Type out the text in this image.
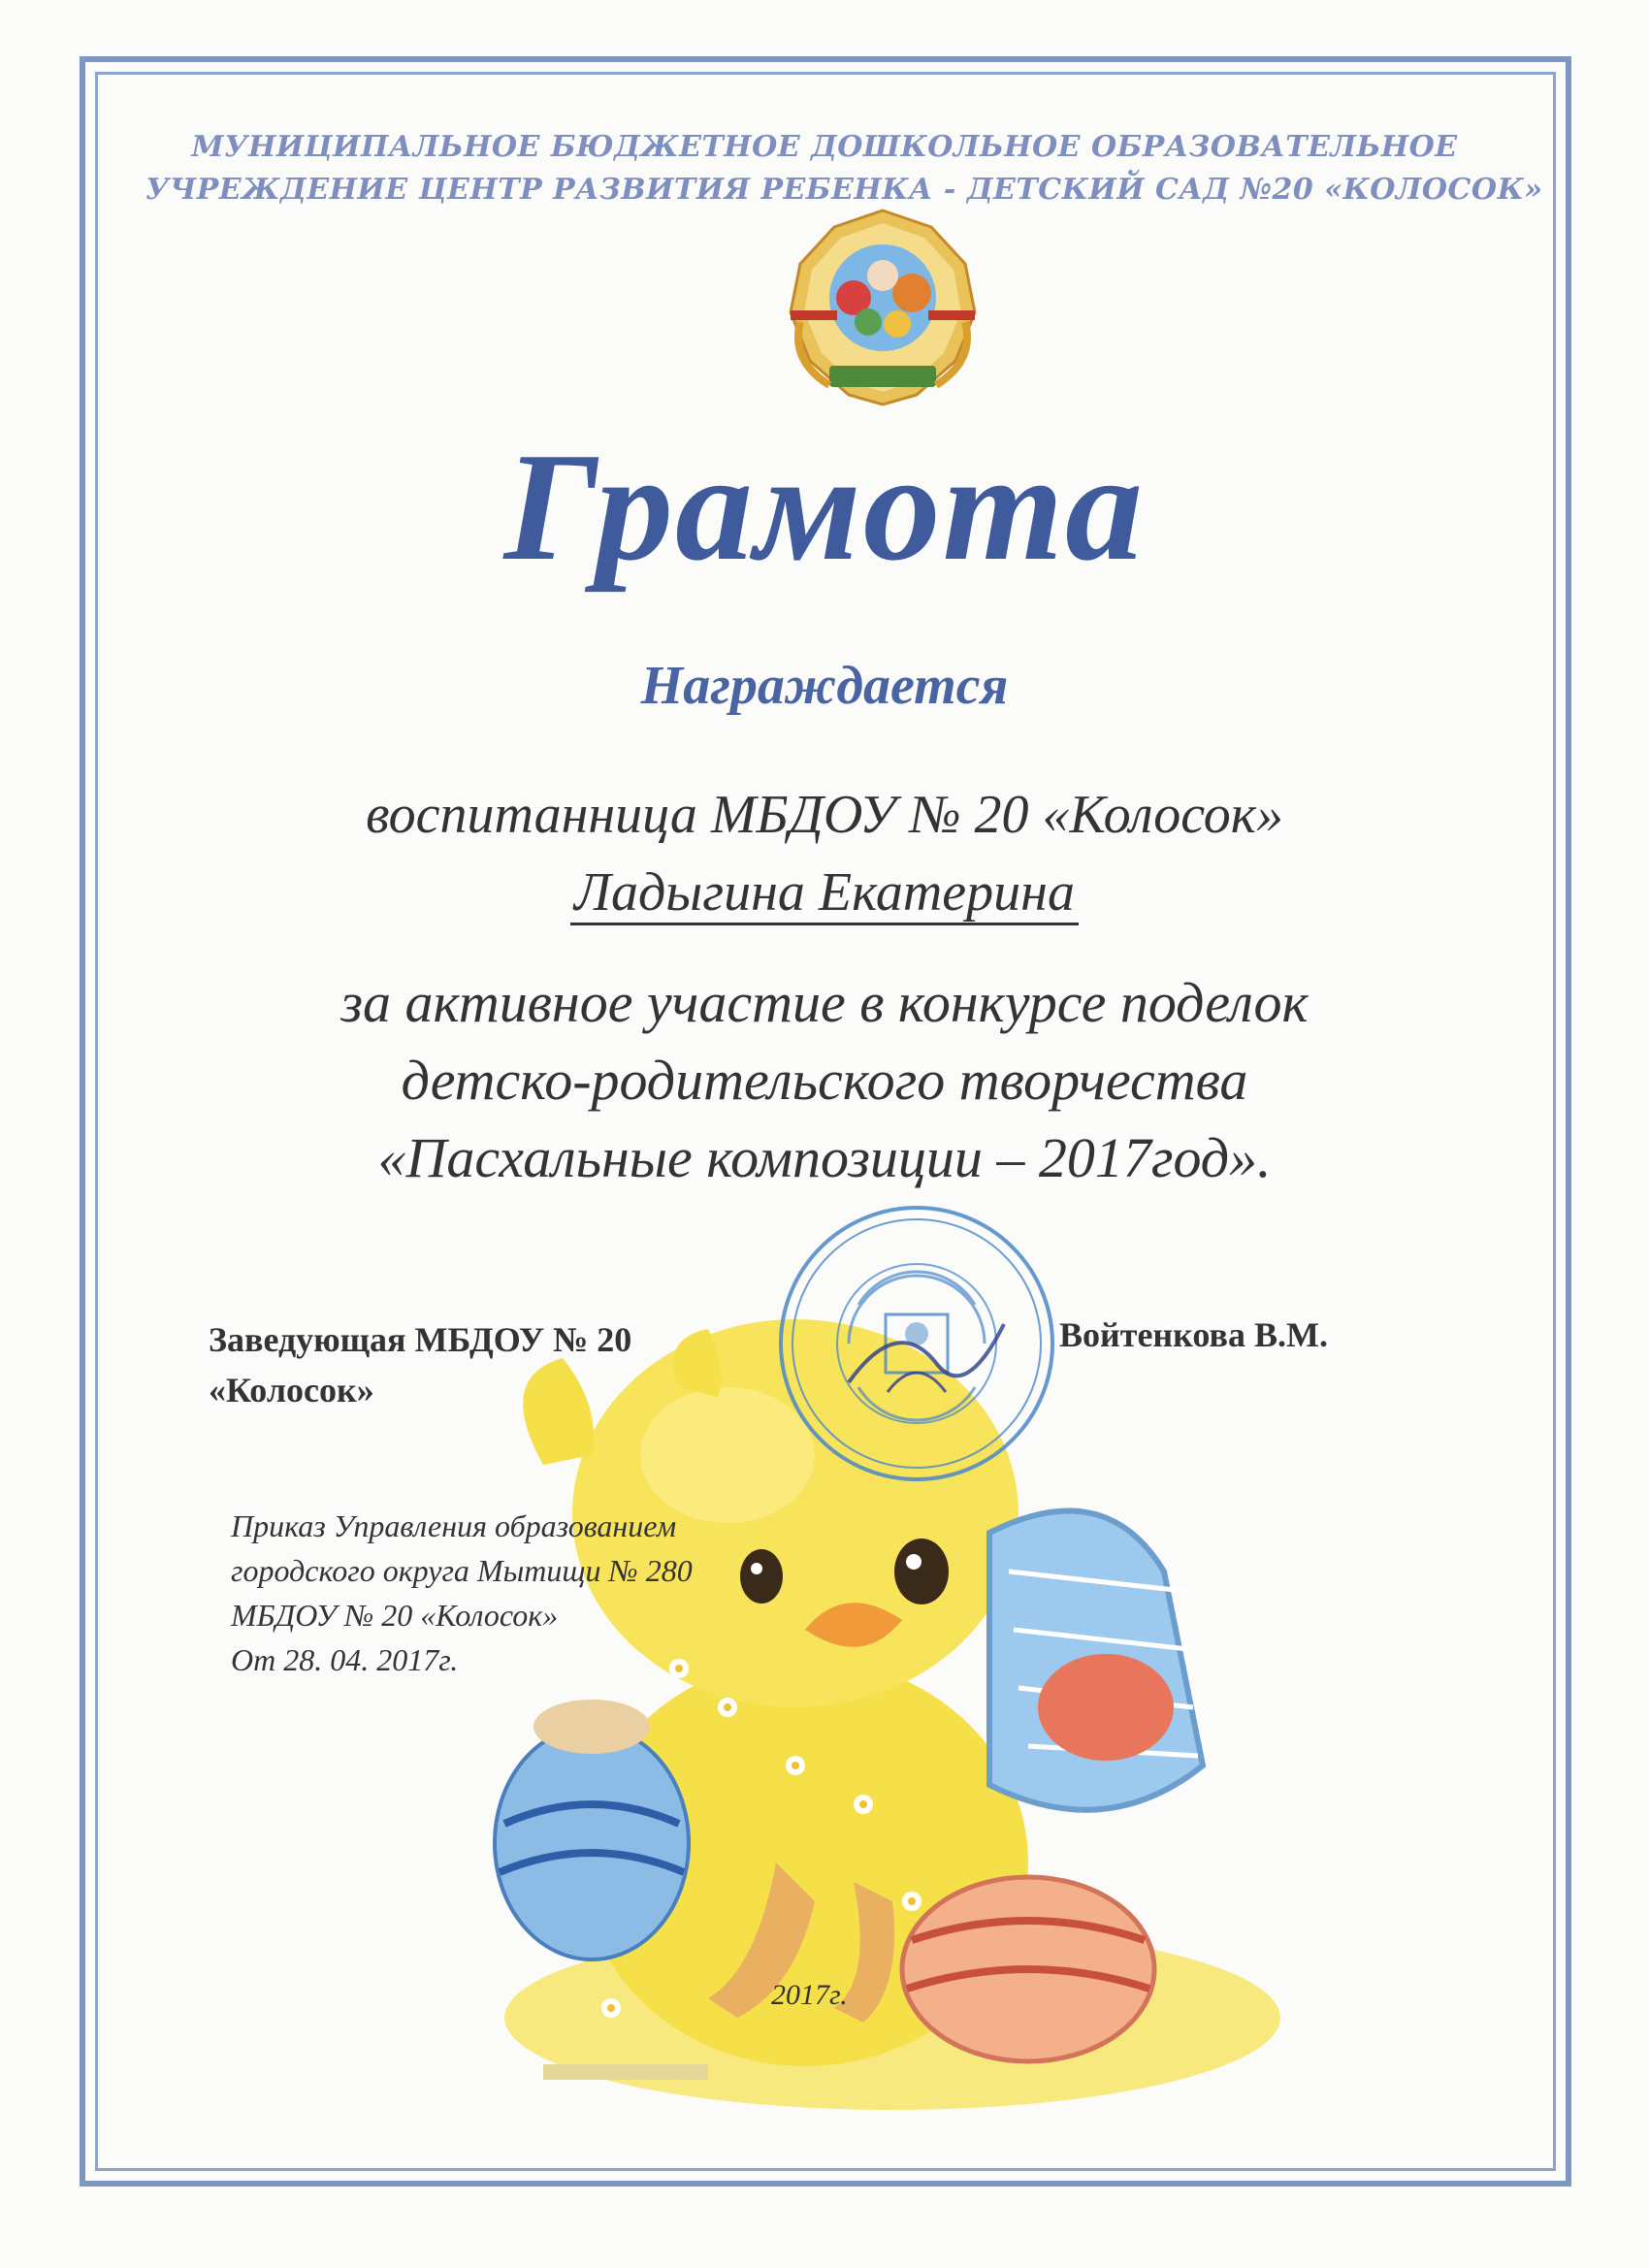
МУНИЦИПАЛЬНОЕ БЮДЖЕТНОЕ ДОШКОЛЬНОЕ ОБРАЗОВАТЕЛЬНОЕ
УЧРЕЖДЕНИЕ ЦЕНТР РАЗВИТИЯ РЕБЕНКА - ДЕТСКИЙ САД №20 «КОЛОСОК»
Грамота
Награждается
воспитанница МБДОУ № 20 «Колосок»
Ладыгина Екатерина
за активное участие в конкурсе поделок
детско-родительского творчества
«Пасхальные композиции – 2017год».
Заведующая МБДОУ № 20
«Колосок»
Войтенкова В.М.
Приказ Управления образованием
городского округа Мытищи № 280
МБДОУ № 20 «Колосок»
От 28. 04. 2017г.
2017г.
